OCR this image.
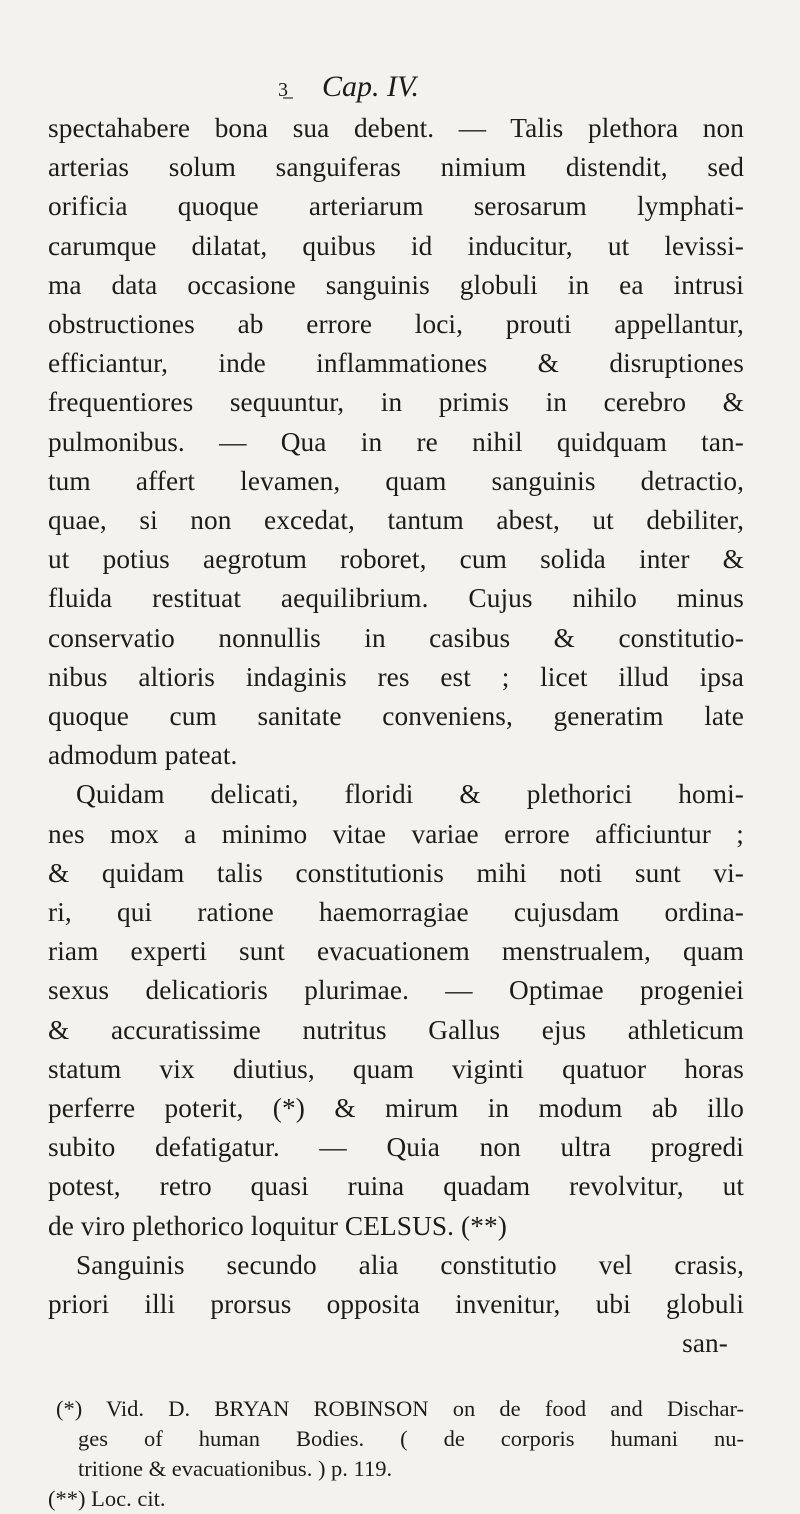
3̲ Cap. IV.
spectahabere bona sua debent. — Talis plethora non
arterias solum sanguiferas nimium distendit, sed
orificia quoque arteriarum serosarum lymphati-
carumque dilatat, quibus id inducitur, ut levissi-
ma data occasione sanguinis globuli in ea intrusi
obstructiones ab errore loci, prouti appellantur,
efficiantur, inde inflammationes & disruptiones
frequentiores sequuntur, in primis in cerebro &
pulmonibus. — Qua in re nihil quidquam tan-
tum affert levamen, quam sanguinis detractio,
quae, si non excedat, tantum abest, ut debiliter,
ut potius aegrotum roboret, cum solida inter &
fluida restituat aequilibrium. Cujus nihilo minus
conservatio nonnullis in casibus & constitutio-
nibus altioris indaginis res est ; licet illud ipsa
quoque cum sanitate conveniens, generatim late
admodum pateat.
Quidam delicati, floridi & plethorici homi-
nes mox a minimo vitae variae errore afficiuntur ;
& quidam talis constitutionis mihi noti sunt vi-
ri, qui ratione haemorragiae cujusdam ordina-
riam experti sunt evacuationem menstrualem, quam
sexus delicatioris plurimae. — Optimae progeniei
& accuratissime nutritus Gallus ejus athleticum
statum vix diutius, quam viginti quatuor horas
perferre poterit, (*) & mirum in modum ab illo
subito defatigatur. — Quia non ultra progredi
potest, retro quasi ruina quadam revolvitur, ut
de viro plethorico loquitur CELSUS. (**)
Sanguinis secundo alia constitutio vel crasis,
priori illi prorsus opposita invenitur, ubi globuli
san-
(*) Vid. D. BRYAN ROBINSON on de food and Dischar-
ges of human Bodies. ( de corporis humani nu-
tritione & evacuationibus. ) p. 119.
(**) Loc. cit.
